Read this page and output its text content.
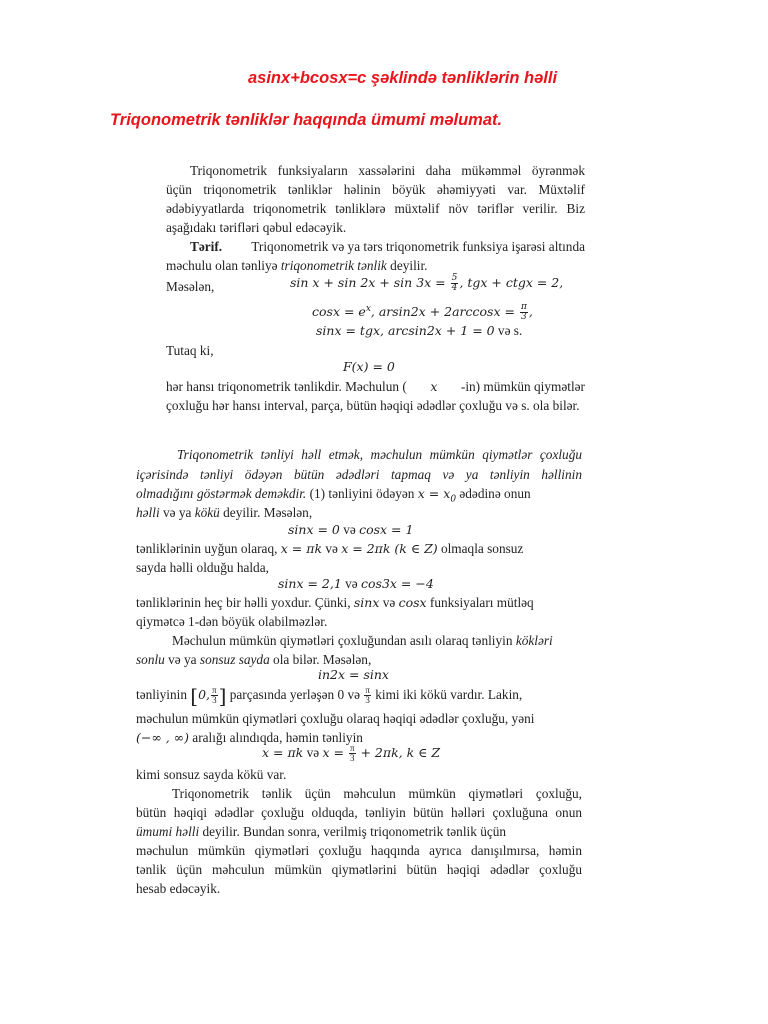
asinx+bcosx=c şəklində tənliklərin həlli
Triqonometrik tənliklər haqqında ümumi məlumat.
Triqonometrik funksiyaların xassələrini daha mükəmməl öyrənmək
üçün triqonometrik tənliklər həlinin böyük əhəmiyyəti var. Müxtəlif
ədəbiyyatlarda triqonometrik tənliklərə müxtəlif növ təriflər verilir. Biz
aşağıdakı tərifləri qəbul edəcəyik.
Tərif. Triqonometrik və ya tərs triqonometrik funksiya işarəsi altında
məchulu olan tənliyə triqonometrik tənlik deyilir.
Məsələn,	$\sin x + \sin 2x + \sin 3x = \frac{5}{4}$ , tgx + ctgx = 2,
$\cos x = e^x$, $arsin2x + 2\arccos x = \frac{\pi}{3}$ ,
sinx = tgx, arcsin2x + 1 = 0 və s.
Tutaq ki,
F(x) = 0
hər hansı triqonometrik tənlikdir. Məchulun ( x -in) mümkün qiymətlər
çoxluğu hər hansı interval, parça, bütün həqiqi ədədlər çoxluğu və s. ola bilər.
Triqonometrik tənliyi həll etmək, məchulun mümkün qiymətlər çoxluğu
içərisində tənliyi ödəyən bütün ədədləri tapmaq və ya tənliyin həllinin
olmadığını göstərmək deməkdir. (1) tənliyini ödəyən $x = x_0$ ədədinə onun
həlli və ya kökü deyilir. Məsələn,
sinx = 0 və cosx = 1
tənliklərinin uyğun olaraq, x = πk və x = 2πk (k ∈ Z) olmaqla sonsuz
sayda həlli olduğu halda,
sinx = 2,1 və cos3x = −4
tənliklərinin heç bir həlli yoxdur. Çünki, sinx və cosx funksiyaları mütləq
qiymətcə 1-dən böyük olabilməzlər.
Məchulun mümkün qiymətləri çoxluğundan asılı olaraq tənliyin kökləri
sonlu və ya sonsuz sayda ola bilər. Məsələn,
in2x = sinx
tənliyinin [0, $\frac{\pi}{3}$ ] parçasında yerləşən 0 və $\frac{\pi}{3}$ kimi iki kökü vardır. Lakin,
məchulun mümkün qiymətləri çoxluğu olaraq həqiqi ədədlər çoxluğu, yəni
(−∞ , ∞) aralığı alındıqda, həmin tənliyin
x = πk və $x = \frac{\pi}{3} + 2\pi k$, k ∈ Z
kimi sonsuz sayda kökü var.
Triqonometrik tənlik üçün məhculun mümkün qiymətləri çoxluğu,
bütün həqiqi ədədlər çoxluğu olduqda, tənliyin bütün həlləri çoxluğuna onun
ümumi həlli deyilir. Bundan sonra, verilmiş triqonometrik tənlik üçün
məchulun mümkün qiymətləri çoxluğu haqqında ayrıca danışılmırsa, həmin
tənlik üçün məhculun mümkün qiymətlərini bütün həqiqi ədədlər çoxluğu
hesab edəcəyik.
